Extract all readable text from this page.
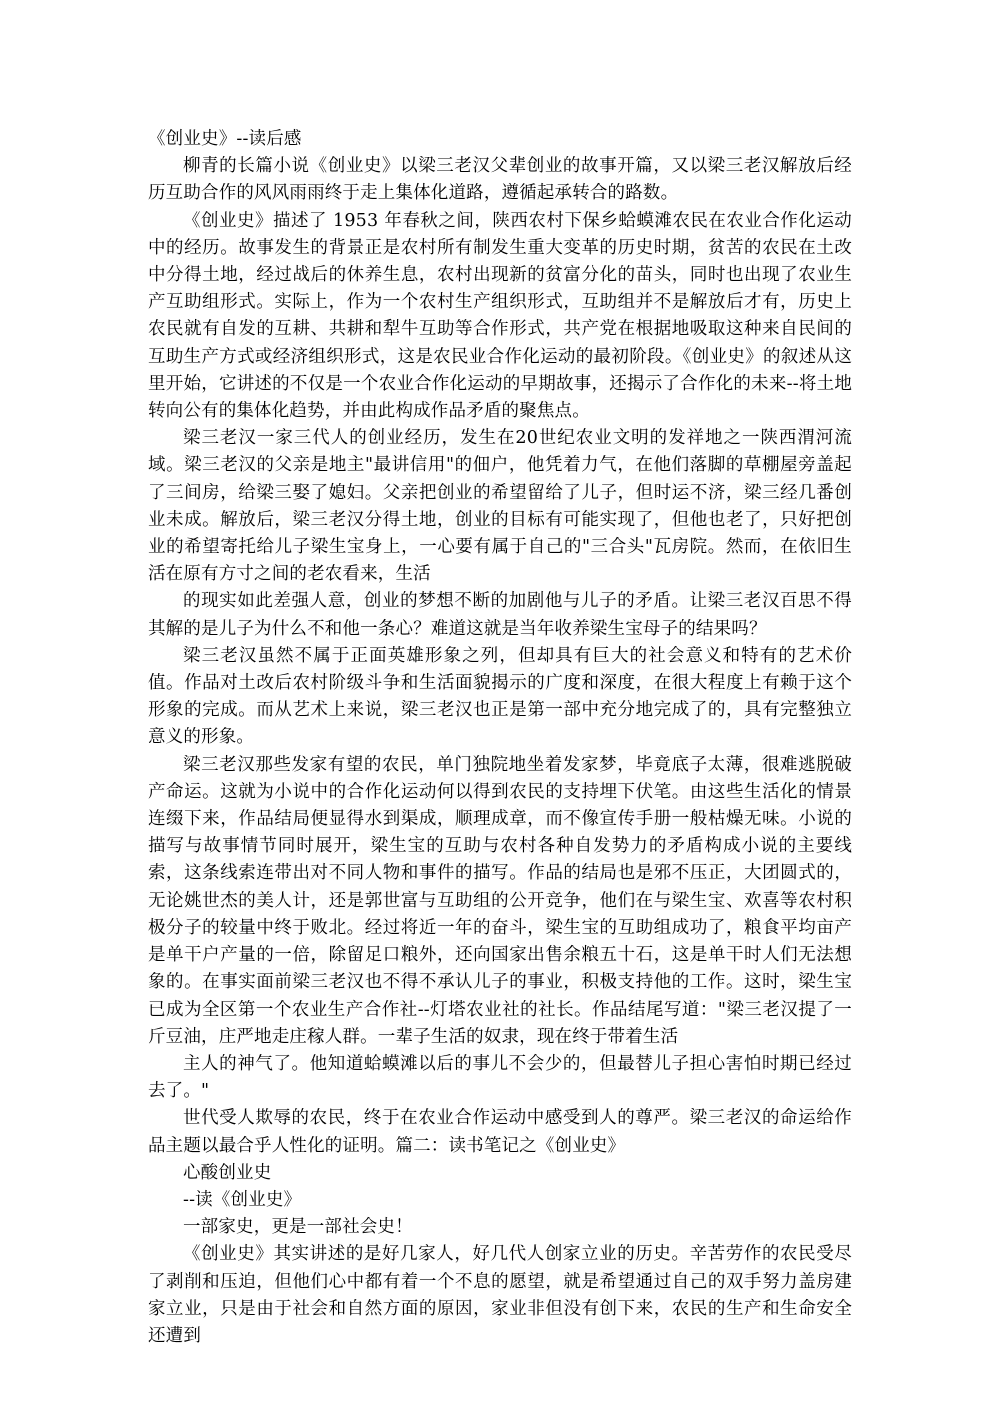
《创业史》--读后感

柳青的长篇小说《创业史》以梁三老汉父辈创业的故事开篇，又以梁三老汉解放后经历互助合作的风风雨雨终于走上集体化道路，遵循起承转合的路数。

《创业史》描述了 1953 年春秋之间，陕西农村下保乡蛤蟆滩农民在农业合作化运动中的经历。故事发生的背景正是农村所有制发生重大变革的历史时期，贫苦的农民在土改中分得土地，经过战后的休养生息，农村出现新的贫富分化的苗头，同时也出现了农业生产互助组形式。实际上，作为一个农村生产组织形式，互助组并不是解放后才有，历史上农民就有自发的互耕、共耕和犁牛互助等合作形式，共产党在根据地吸取这种来自民间的互助生产方式或经济组织形式，这是农民业合作化运动的最初阶段。《创业史》的叙述从这里开始，它讲述的不仅是一个农业合作化运动的早期故事，还揭示了合作化的未来--将土地转向公有的集体化趋势，并由此构成作品矛盾的聚焦点。

梁三老汉一家三代人的创业经历，发生在20世纪农业文明的发祥地之一陕西渭河流域。梁三老汉的父亲是地主"最讲信用"的佃户，他凭着力气，在他们落脚的草棚屋旁盖起了三间房，给梁三娶了媳妇。父亲把创业的希望留给了儿子，但时运不济，梁三经几番创业未成。解放后，梁三老汉分得土地，创业的目标有可能实现了，但他也老了，只好把创业的希望寄托给儿子梁生宝身上，一心要有属于自己的"三合头"瓦房院。然而，在依旧生活在原有方寸之间的老农看来，生活

的现实如此差强人意，创业的梦想不断的加剧他与儿子的矛盾。让梁三老汉百思不得其解的是儿子为什么不和他一条心？难道这就是当年收养梁生宝母子的结果吗？

梁三老汉虽然不属于正面英雄形象之列，但却具有巨大的社会意义和特有的艺术价值。作品对土改后农村阶级斗争和生活面貌揭示的广度和深度，在很大程度上有赖于这个形象的完成。而从艺术上来说，梁三老汉也正是第一部中充分地完成了的，具有完整独立意义的形象。

梁三老汉那些发家有望的农民，单门独院地坐着发家梦，毕竟底子太薄，很难逃脱破产命运。这就为小说中的合作化运动何以得到农民的支持埋下伏笔。由这些生活化的情景连缀下来，作品结局便显得水到渠成，顺理成章，而不像宣传手册一般枯燥无味。小说的描写与故事情节同时展开，梁生宝的互助与农村各种自发势力的矛盾构成小说的主要线索，这条线索连带出对不同人物和事件的描写。作品的结局也是邪不压正，大团圆式的，无论姚世杰的美人计，还是郭世富与互助组的公开竞争，他们在与梁生宝、欢喜等农村积极分子的较量中终于败北。经过将近一年的奋斗，梁生宝的互助组成功了，粮食平均亩产是单干户产量的一倍，除留足口粮外，还向国家出售余粮五十石，这是单干时人们无法想象的。在事实面前梁三老汉也不得不承认儿子的事业，积极支持他的工作。这时，梁生宝已成为全区第一个农业生产合作社--灯塔农业社的社长。作品结尾写道："梁三老汉提了一斤豆油，庄严地走庄稼人群。一辈子生活的奴隶，现在终于带着生活

主人的神气了。他知道蛤蟆滩以后的事儿不会少的，但最替儿子担心害怕时期已经过去了。"

世代受人欺辱的农民，终于在农业合作运动中感受到人的尊严。梁三老汉的命运给作品主题以最合乎人性化的证明。篇二：读书笔记之《创业史》

心酸创业史

--读《创业史》

一部家史，更是一部社会史！

《创业史》其实讲述的是好几家人，好几代人创家立业的历史。辛苦劳作的农民受尽了剥削和压迫，但他们心中都有着一个不息的愿望，就是希望通过自己的双手努力盖房建家立业，只是由于社会和自然方面的原因，家业非但没有创下来，农民的生产和生命安全还遭到
